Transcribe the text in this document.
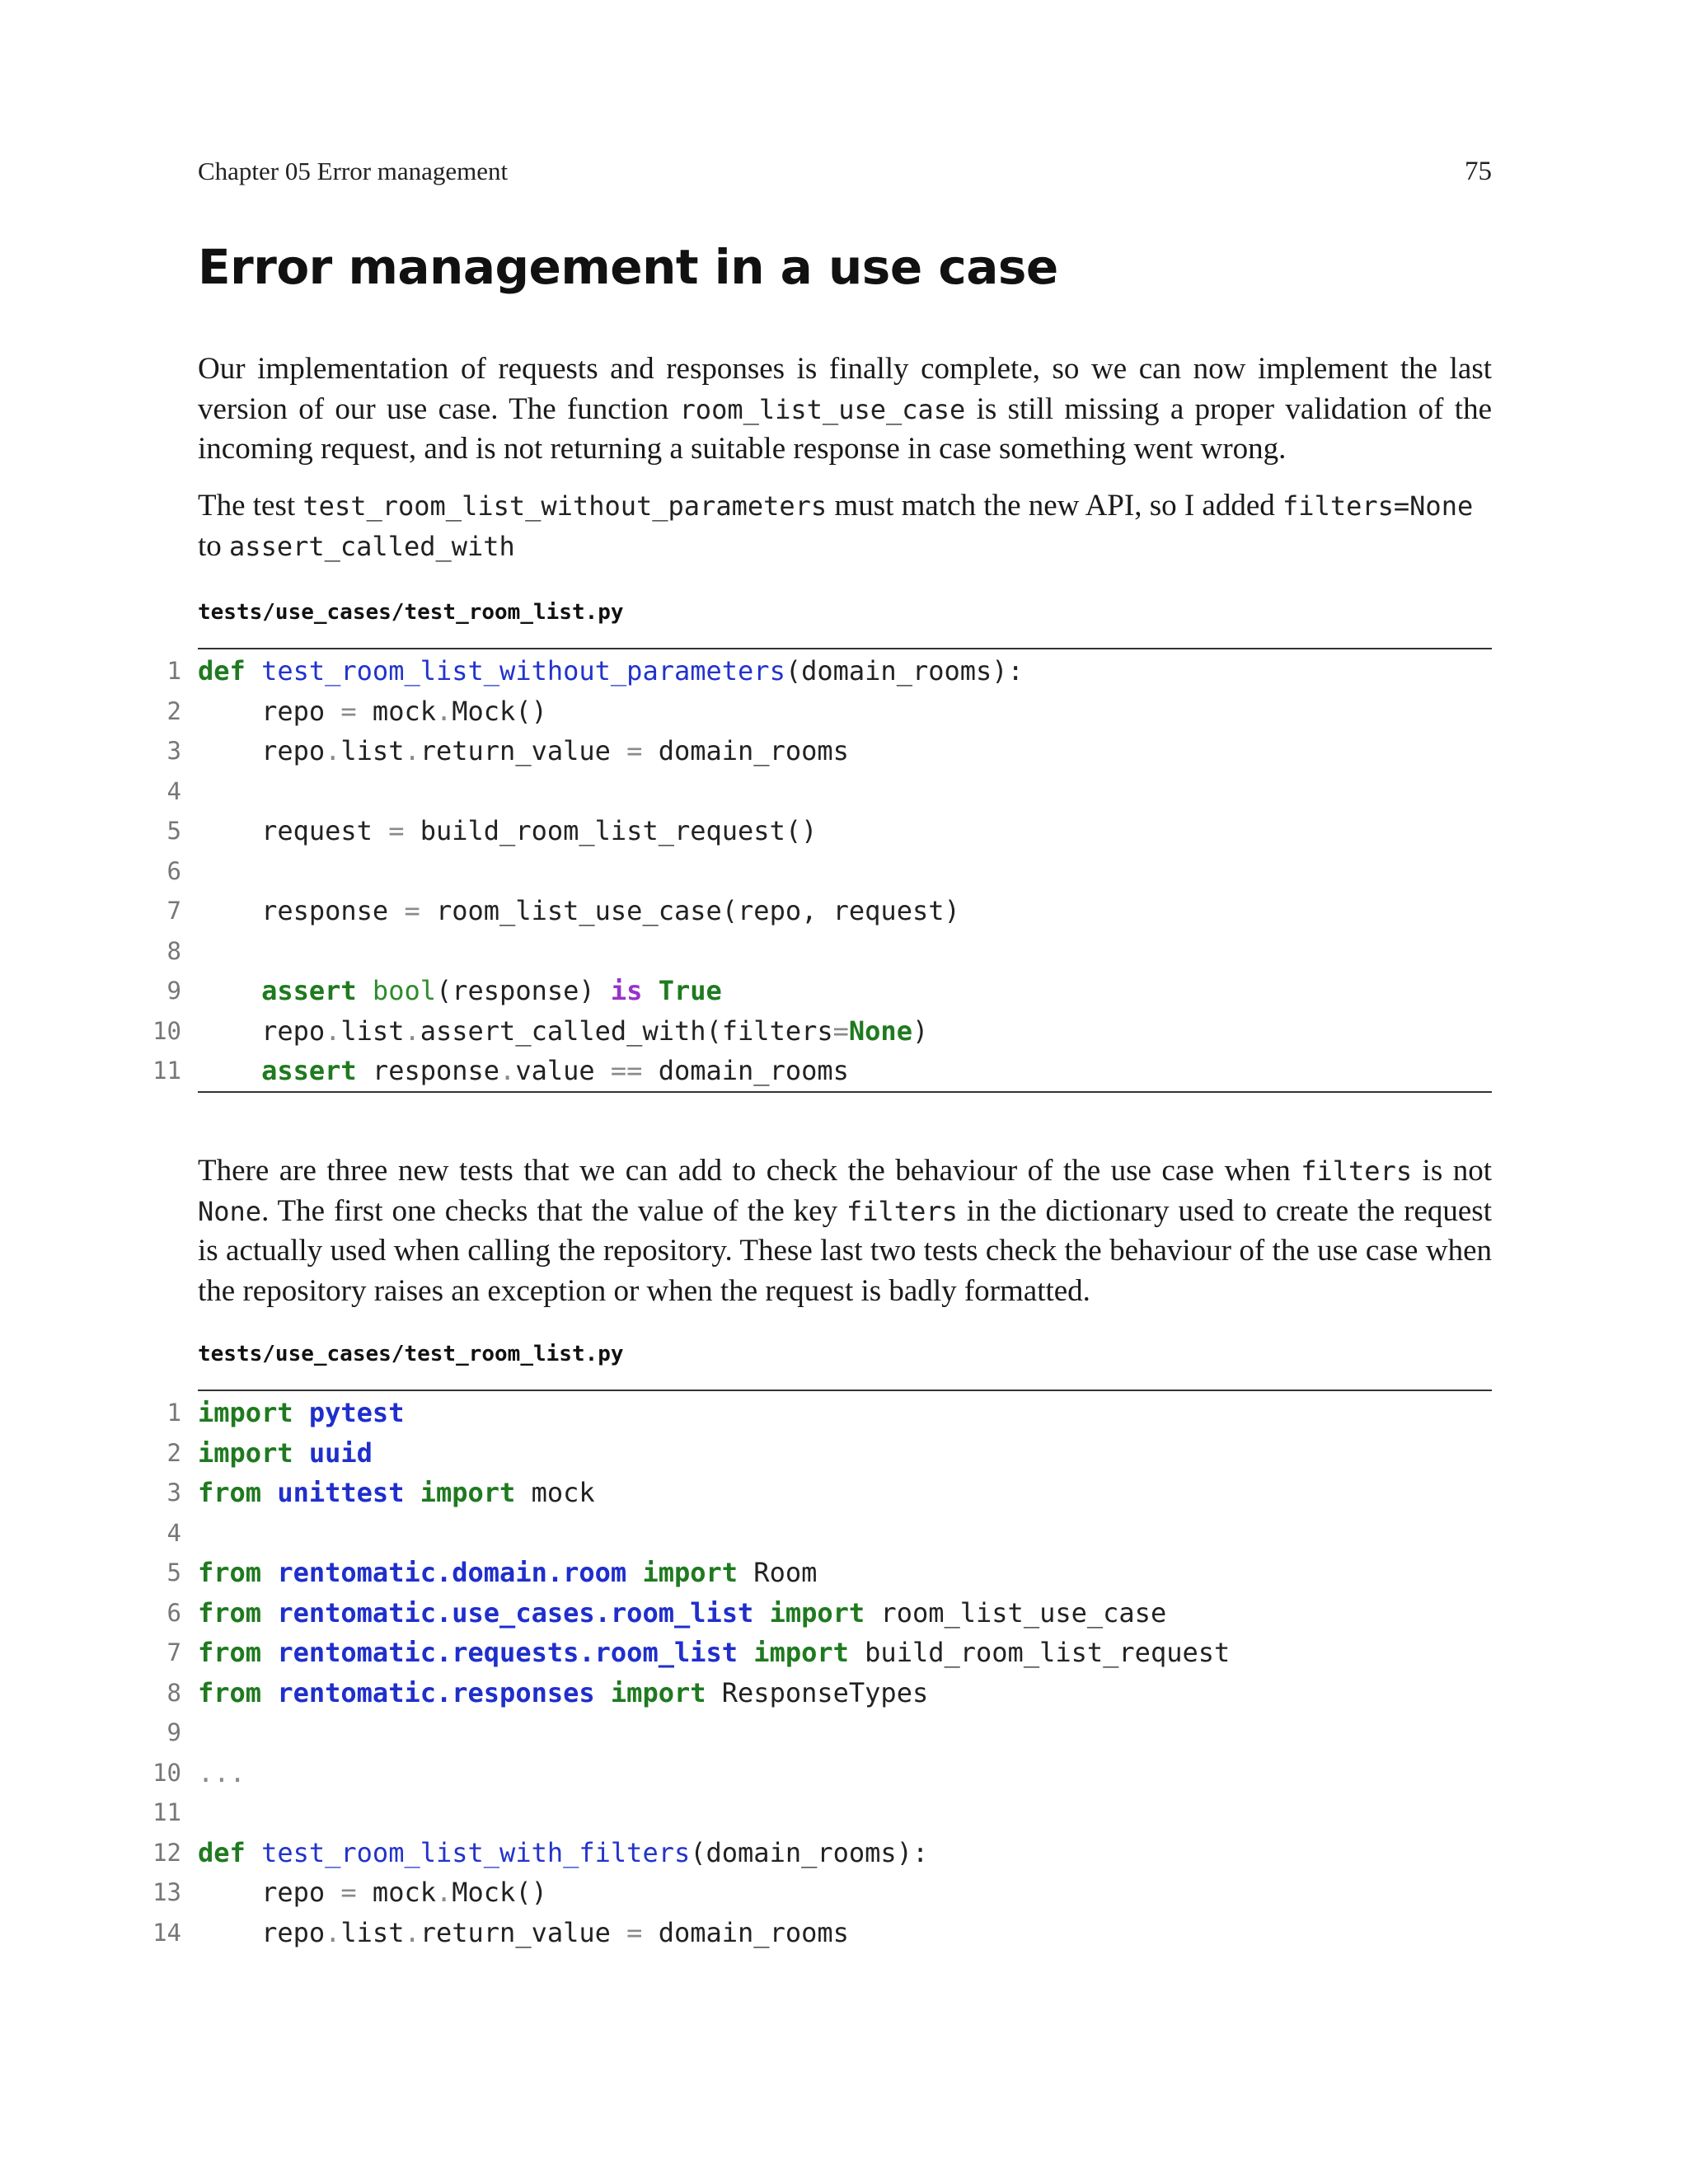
Chapter 05 Error management	75
Error management in a use case

Our implementation of requests and responses is finally complete, so we can now implement the last version of our use case. The function room_list_use_case is still missing a proper validation of the incoming request, and is not returning a suitable response in case something went wrong.

The test test_room_list_without_parameters must match the new API, so I added filters=None
to assert_called_with

tests/use_cases/test_room_list.py
1 def test_room_list_without_parameters(domain_rooms):
2 repo = mock.Mock()
3 repo.list.return_value = domain_rooms
4
5 request = build_room_list_request()
6
7 response = room_list_use_case(repo, request)
8
9 assert bool(response) is True
10 repo.list.assert_called_with(filters=None)
11 assert response.value == domain_rooms

There are three new tests that we can add to check the behaviour of the use case when filters is not None. The first one checks that the value of the key filters in the dictionary used to create the request is actually used when calling the repository. These last two tests check the behaviour of the use case when the repository raises an exception or when the request is badly formatted.

tests/use_cases/test_room_list.py
1 import pytest
2 import uuid
3 from unittest import mock
4
5 from rentomatic.domain.room import Room
6 from rentomatic.use_cases.room_list import room_list_use_case
7 from rentomatic.requests.room_list import build_room_list_request
8 from rentomatic.responses import ResponseTypes
9
10 ...
11
12 def test_room_list_with_filters(domain_rooms):
13 repo = mock.Mock()
14 repo.list.return_value = domain_rooms
